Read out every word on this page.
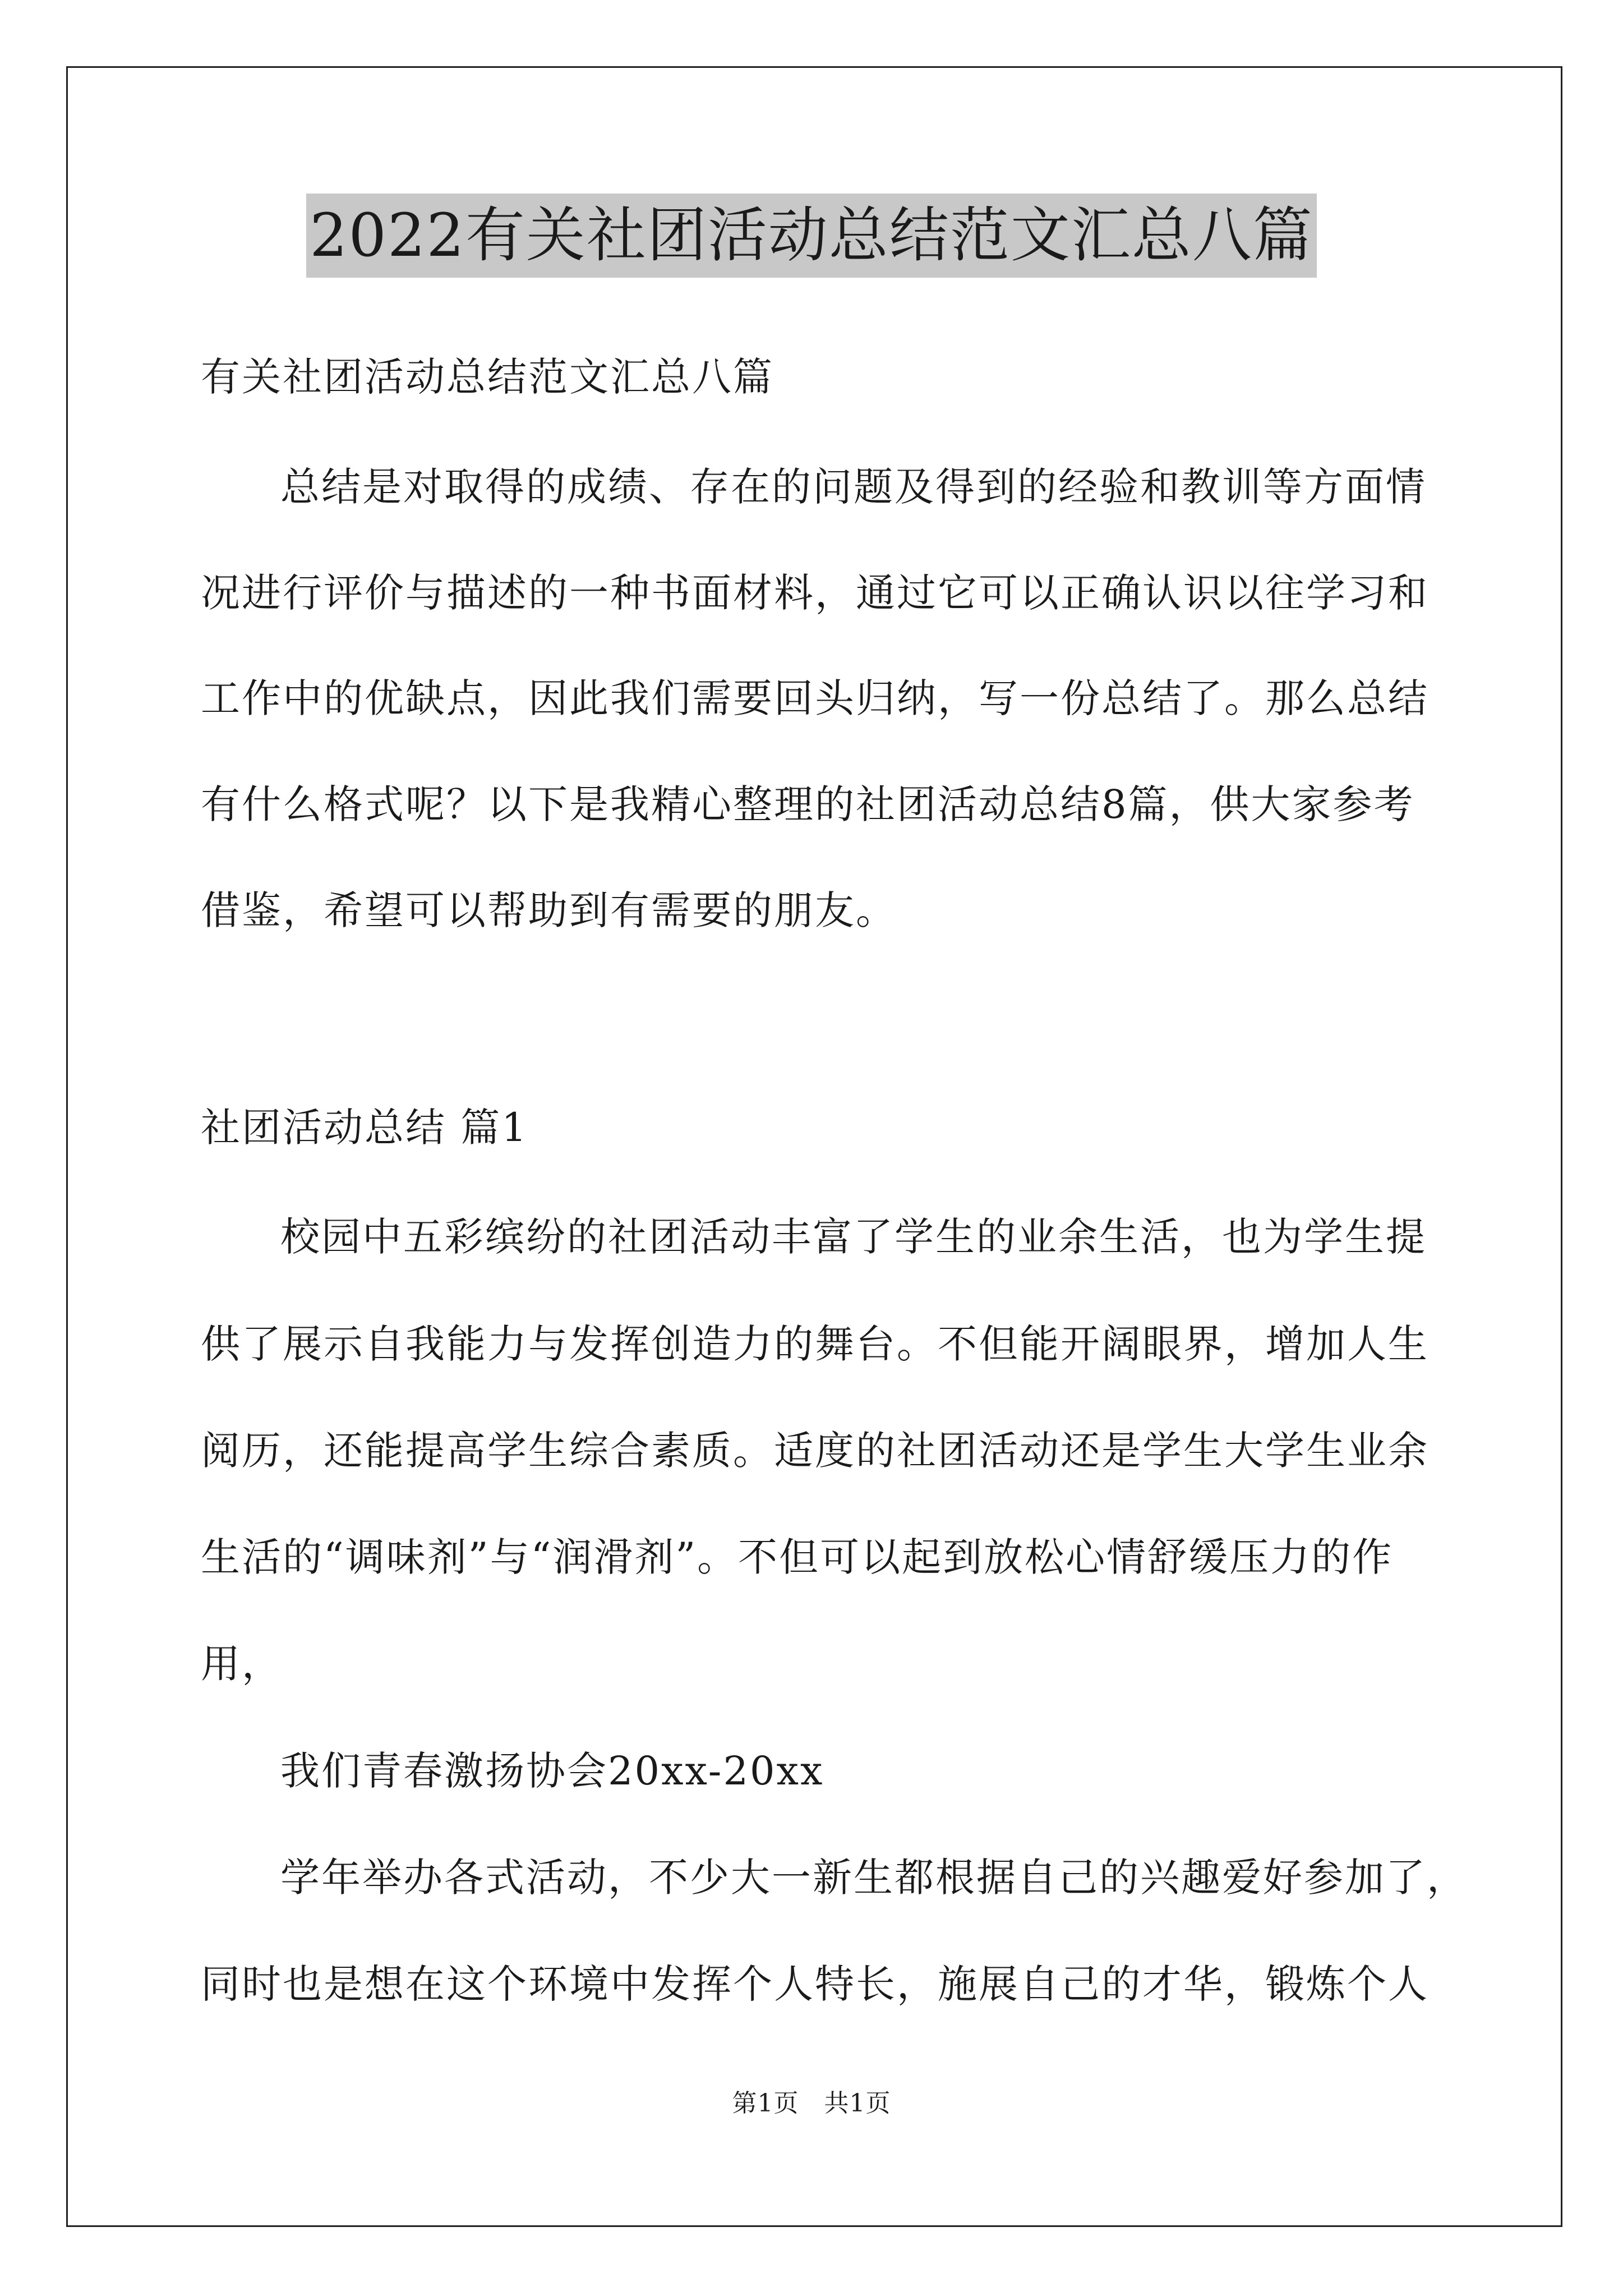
2022有关社团活动总结范文汇总八篇
有关社团活动总结范文汇总八篇
总结是对取得的成绩、存在的问题及得到的经验和教训等方面情
况进行评价与描述的一种书面材料，通过它可以正确认识以往学习和
工作中的优缺点，因此我们需要回头归纳，写一份总结了。那么总结
有什么格式呢？以下是我精心整理的社团活动总结8篇，供大家参考
借鉴，希望可以帮助到有需要的朋友。
社团活动总结 篇1
校园中五彩缤纷的社团活动丰富了学生的业余生活，也为学生提
供了展示自我能力与发挥创造力的舞台。不但能开阔眼界，增加人生
阅历，还能提高学生综合素质。适度的社团活动还是学生大学生业余
生活的“调味剂”与“润滑剂”。不但可以起到放松心情舒缓压力的作
用，
我们青春激扬协会20xx-20xx
学年举办各式活动，不少大一新生都根据自己的兴趣爱好参加了，
同时也是想在这个环境中发挥个人特长，施展自己的才华，锻炼个人
第1页　共1页
